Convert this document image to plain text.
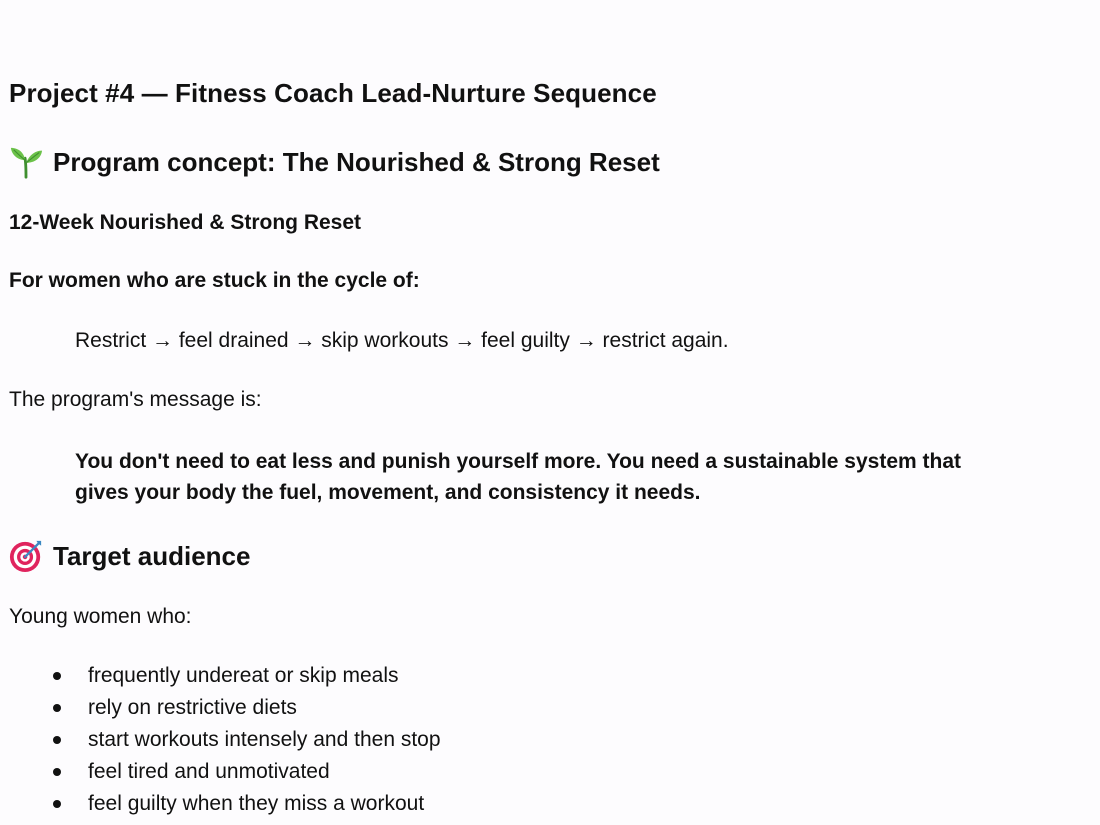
Project #4 — Fitness Coach Lead-Nurture Sequence
Program concept: The Nourished & Strong Reset
12-Week Nourished & Strong Reset
For women who are stuck in the cycle of:
Restrict → feel drained → skip workouts → feel guilty → restrict again.
The program's message is:
You don't need to eat less and punish yourself more. You need a sustainable system that gives your body the fuel, movement, and consistency it needs.
Target audience
Young women who:
frequently undereat or skip meals
rely on restrictive diets
start workouts intensely and then stop
feel tired and unmotivated
feel guilty when they miss a workout
